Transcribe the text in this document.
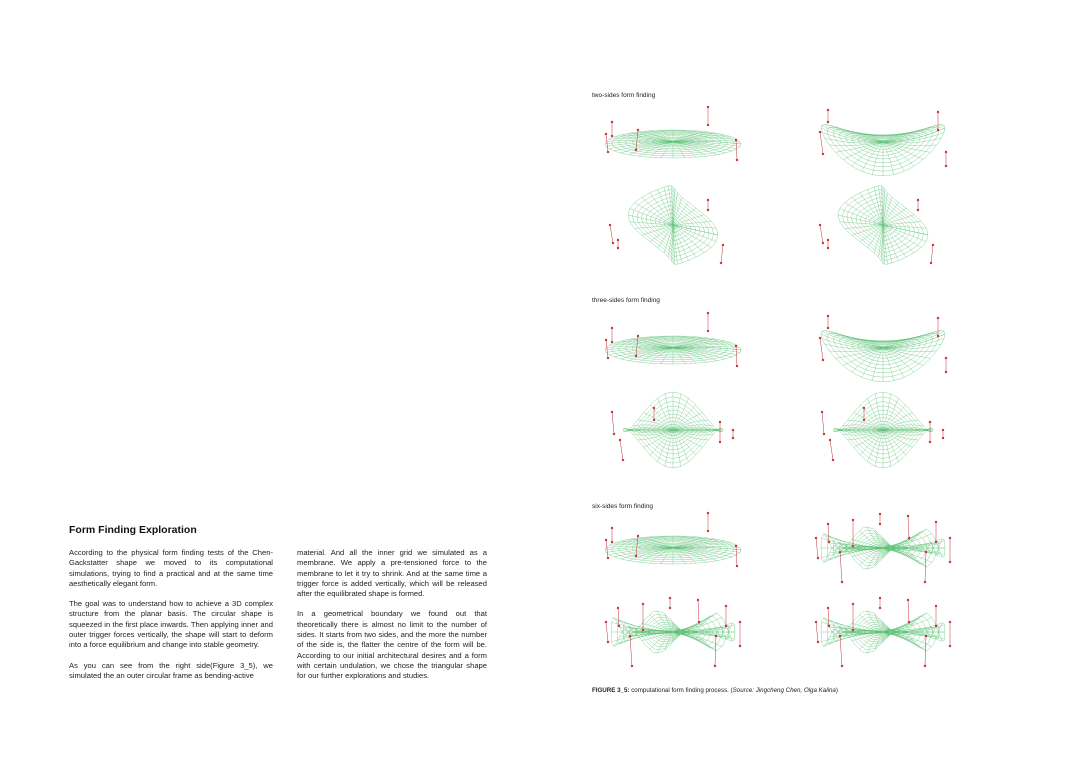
Form Finding Exploration

According to the physical form finding tests of the Chen-Gackstatter shape we moved to its computational simulations, trying to find a practical and at the same time aesthetically elegant form.

The goal was to understand how to achieve a 3D complex structure from the planar basis. The circular shape is squeezed in the first place inwards. Then applying inner and outer trigger forces vertically, the shape will start to deform into a force equilibrium and change into stable geometry.

As you can see from the right side(Figure 3_5), we simulated the an outer circular frame as bending-active

material. And all the inner grid we simulated as a membrane. We apply a pre-tensioned force to the membrane to let it try to shrink. And at the same time a trigger force is added vertically, which will be released after the equilibrated shape is formed.

In a geometrical boundary we found out that theoretically there is almost no limit to the number of sides. It starts from two sides, and the more the number of the side is, the flatter the centre of the form will be. According to our initial architectural desires and a form with certain undulation, we chose the triangular shape for our further explorations and studies.

two-sides form finding
three-sides form finding
six-sides form finding
FIGURE 3_5: computational form finding process. (Source: Jingcheng Chen, Olga Kalina)
